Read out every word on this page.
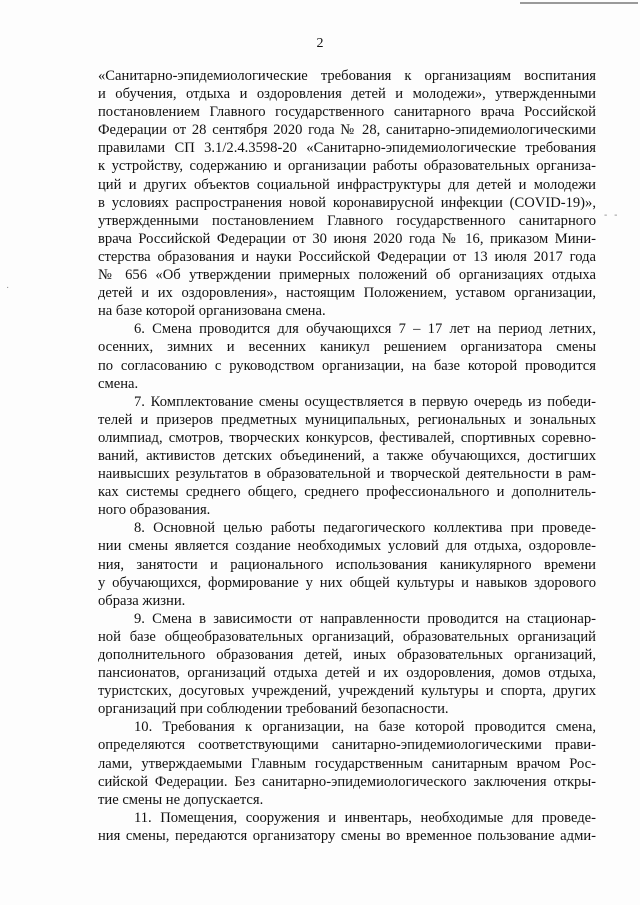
- -
·
2
«Санитарно-эпидемиологические требования к организациям воспитания
и обучения, отдыха и оздоровления детей и молодежи», утвержденными
постановлением Главного государственного санитарного врача Российской
Федерации от 28 сентября 2020 года № 28, санитарно-эпидемиологическими
правилами СП 3.1/2.4.3598-20 «Санитарно-эпидемиологические требования
к устройству, содержанию и организации работы образовательных организа-
ций и других объектов социальной инфраструктуры для детей и молодежи
в условиях распространения новой коронавирусной инфекции (COVID-19)»,
утвержденными постановлением Главного государственного санитарного
врача Российской Федерации от 30 июня 2020 года № 16, приказом Мини-
стерства образования и науки Российской Федерации от 13 июля 2017 года
№ 656 «Об утверждении примерных положений об организациях отдыха
детей и их оздоровления», настоящим Положением, уставом организации,
на базе которой организована смена.
6. Смена проводится для обучающихся 7 – 17 лет на период летних,
осенних, зимних и весенних каникул решением организатора смены
по согласованию с руководством организации, на базе которой проводится
смена.
7. Комплектование смены осуществляется в первую очередь из победи-
телей и призеров предметных муниципальных, региональных и зональных
олимпиад, смотров, творческих конкурсов, фестивалей, спортивных соревно-
ваний, активистов детских объединений, а также обучающихся, достигших
наивысших результатов в образовательной и творческой деятельности в рам-
ках системы среднего общего, среднего профессионального и дополнитель-
ного образования.
8. Основной целью работы педагогического коллектива при проведе-
нии смены является создание необходимых условий для отдыха, оздоровле-
ния, занятости и рационального использования каникулярного времени
у обучающихся, формирование у них общей культуры и навыков здорового
образа жизни.
9. Смена в зависимости от направленности проводится на стационар-
ной базе общеобразовательных организаций, образовательных организаций
дополнительного образования детей, иных образовательных организаций,
пансионатов, организаций отдыха детей и их оздоровления, домов отдыха,
туристских, досуговых учреждений, учреждений культуры и спорта, других
организаций при соблюдении требований безопасности.
10. Требования к организации, на базе которой проводится смена,
определяются соответствующими санитарно-эпидемиологическими прави-
лами, утверждаемыми Главным государственным санитарным врачом Рос-
сийской Федерации. Без санитарно-эпидемиологического заключения откры-
тие смены не допускается.
11. Помещения, сооружения и инвентарь, необходимые для проведе-
ния смены, передаются организатору смены во временное пользование адми-
